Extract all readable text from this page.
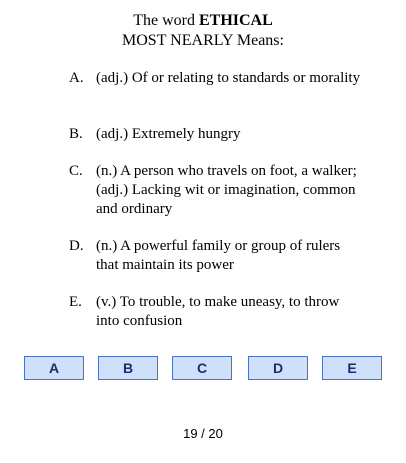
The word ETHICAL
MOST NEARLY Means:
A. (adj.) Of or relating to standards or morality
B. (adj.) Extremely hungry
C. (n.) A person who travels on foot, a walker; (adj.) Lacking wit or imagination, common and ordinary
D. (n.) A powerful family or group of rulers that maintain its power
E. (v.) To trouble, to make uneasy, to throw into confusion
A	B	C	D	E
19 / 20
